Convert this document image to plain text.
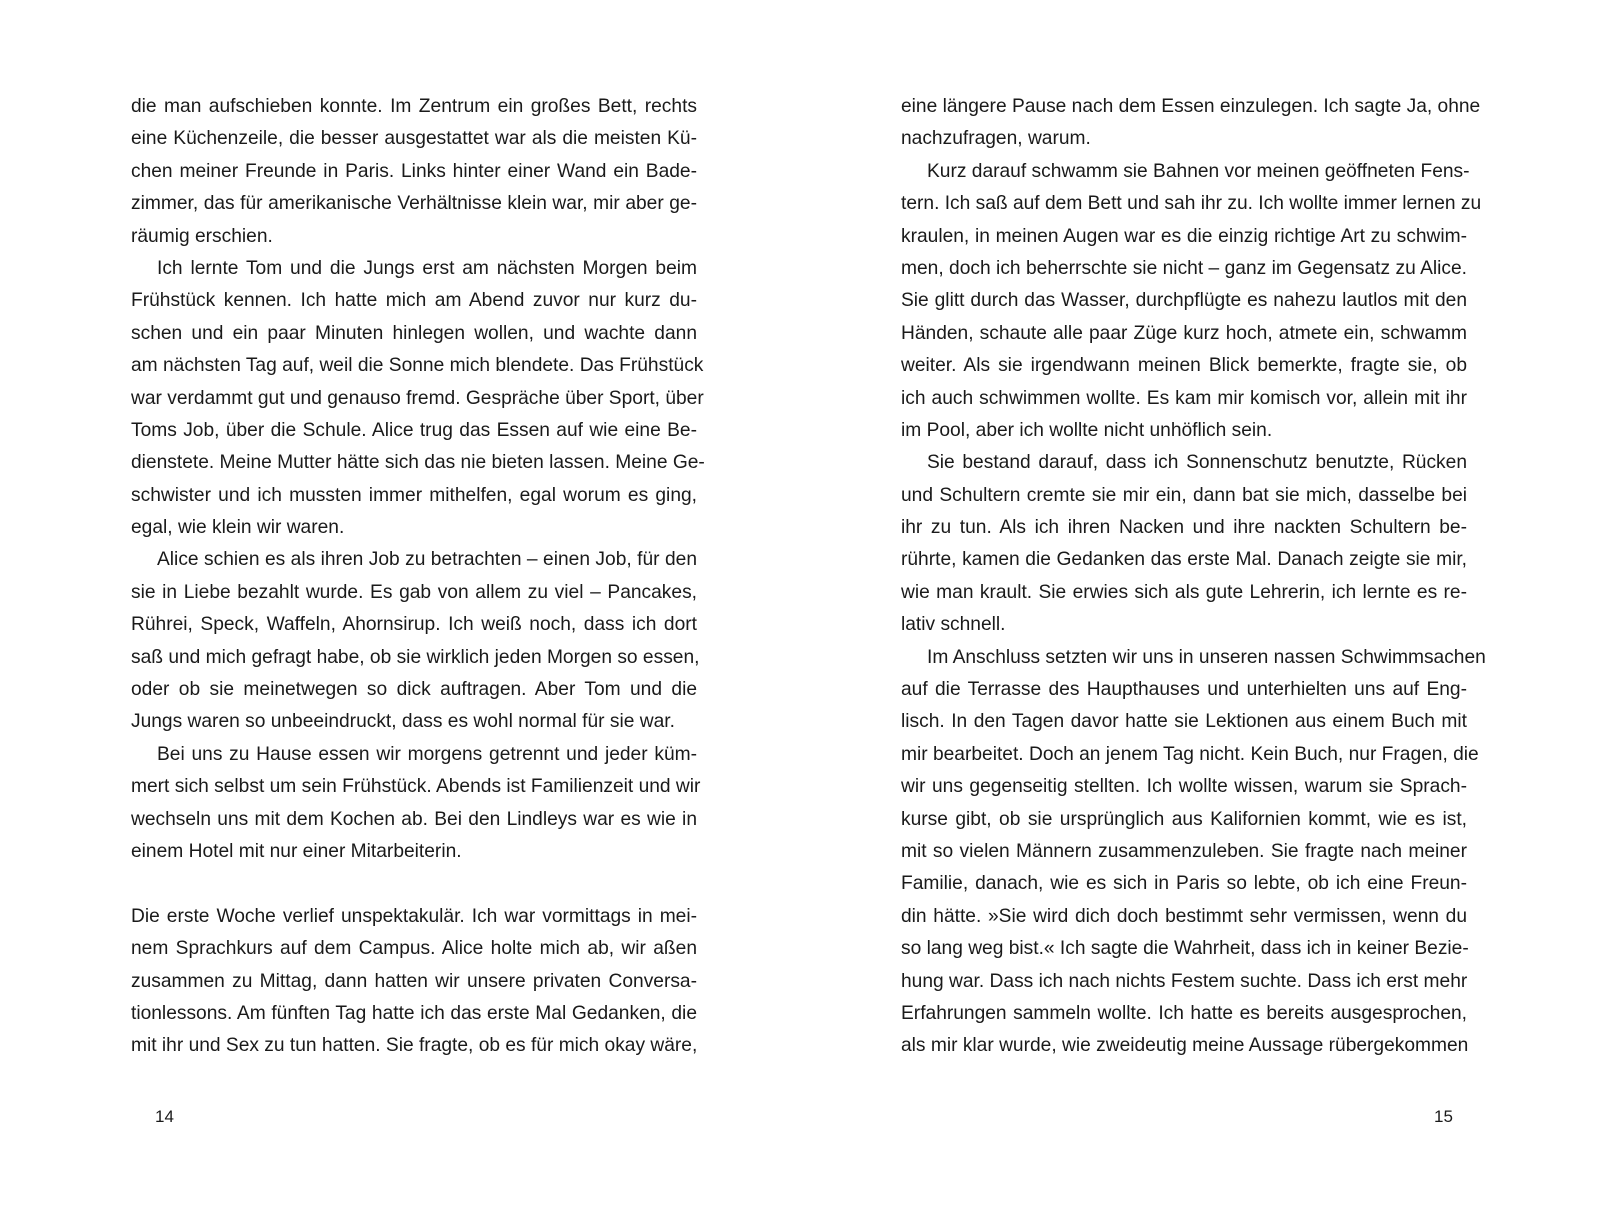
die man aufschieben konnte. Im Zentrum ein großes Bett, rechts
eine Küchenzeile, die besser ausgestattet war als die meisten Kü-
chen meiner Freunde in Paris. Links hinter einer Wand ein Bade-
zimmer, das für amerikanische Verhältnisse klein war, mir aber ge-
räumig erschien.
Ich lernte Tom und die Jungs erst am nächsten Morgen beim
Frühstück kennen. Ich hatte mich am Abend zuvor nur kurz du-
schen und ein paar Minuten hinlegen wollen, und wachte dann
am nächsten Tag auf, weil die Sonne mich blendete. Das Frühstück
war verdammt gut und genauso fremd. Gespräche über Sport, über
Toms Job, über die Schule. Alice trug das Essen auf wie eine Be-
dienstete. Meine Mutter hätte sich das nie bieten lassen. Meine Ge-
schwister und ich mussten immer mithelfen, egal worum es ging,
egal, wie klein wir waren.
Alice schien es als ihren Job zu betrachten – einen Job, für den
sie in Liebe bezahlt wurde. Es gab von allem zu viel – Pancakes,
Rührei, Speck, Waffeln, Ahornsirup. Ich weiß noch, dass ich dort
saß und mich gefragt habe, ob sie wirklich jeden Morgen so essen,
oder ob sie meinetwegen so dick auftragen. Aber Tom und die
Jungs waren so unbeeindruckt, dass es wohl normal für sie war.
Bei uns zu Hause essen wir morgens getrennt und jeder küm-
mert sich selbst um sein Frühstück. Abends ist Familienzeit und wir
wechseln uns mit dem Kochen ab. Bei den Lindleys war es wie in
einem Hotel mit nur einer Mitarbeiterin.
Die erste Woche verlief unspektakulär. Ich war vormittags in mei-
nem Sprachkurs auf dem Campus. Alice holte mich ab, wir aßen
zusammen zu Mittag, dann hatten wir unsere privaten Conversa-
tionlessons. Am fünften Tag hatte ich das erste Mal Gedanken, die
mit ihr und Sex zu tun hatten. Sie fragte, ob es für mich okay wäre,
14
eine längere Pause nach dem Essen einzulegen. Ich sagte Ja, ohne
nachzufragen, warum.
Kurz darauf schwamm sie Bahnen vor meinen geöffneten Fens-
tern. Ich saß auf dem Bett und sah ihr zu. Ich wollte immer lernen zu
kraulen, in meinen Augen war es die einzig richtige Art zu schwim-
men, doch ich beherrschte sie nicht – ganz im Gegensatz zu Alice.
Sie glitt durch das Wasser, durchpflügte es nahezu lautlos mit den
Händen, schaute alle paar Züge kurz hoch, atmete ein, schwamm
weiter. Als sie irgendwann meinen Blick bemerkte, fragte sie, ob
ich auch schwimmen wollte. Es kam mir komisch vor, allein mit ihr
im Pool, aber ich wollte nicht unhöflich sein.
Sie bestand darauf, dass ich Sonnenschutz benutzte, Rücken
und Schultern cremte sie mir ein, dann bat sie mich, dasselbe bei
ihr zu tun. Als ich ihren Nacken und ihre nackten Schultern be-
rührte, kamen die Gedanken das erste Mal. Danach zeigte sie mir,
wie man krault. Sie erwies sich als gute Lehrerin, ich lernte es re-
lativ schnell.
Im Anschluss setzten wir uns in unseren nassen Schwimmsachen
auf die Terrasse des Haupthauses und unterhielten uns auf Eng-
lisch. In den Tagen davor hatte sie Lektionen aus einem Buch mit
mir bearbeitet. Doch an jenem Tag nicht. Kein Buch, nur Fragen, die
wir uns gegenseitig stellten. Ich wollte wissen, warum sie Sprach-
kurse gibt, ob sie ursprünglich aus Kalifornien kommt, wie es ist,
mit so vielen Männern zusammenzuleben. Sie fragte nach meiner
Familie, danach, wie es sich in Paris so lebte, ob ich eine Freun-
din hätte. »Sie wird dich doch bestimmt sehr vermissen, wenn du
so lang weg bist.« Ich sagte die Wahrheit, dass ich in keiner Bezie-
hung war. Dass ich nach nichts Festem suchte. Dass ich erst mehr
Erfahrungen sammeln wollte. Ich hatte es bereits ausgesprochen,
als mir klar wurde, wie zweideutig meine Aussage rübergekommen
15
